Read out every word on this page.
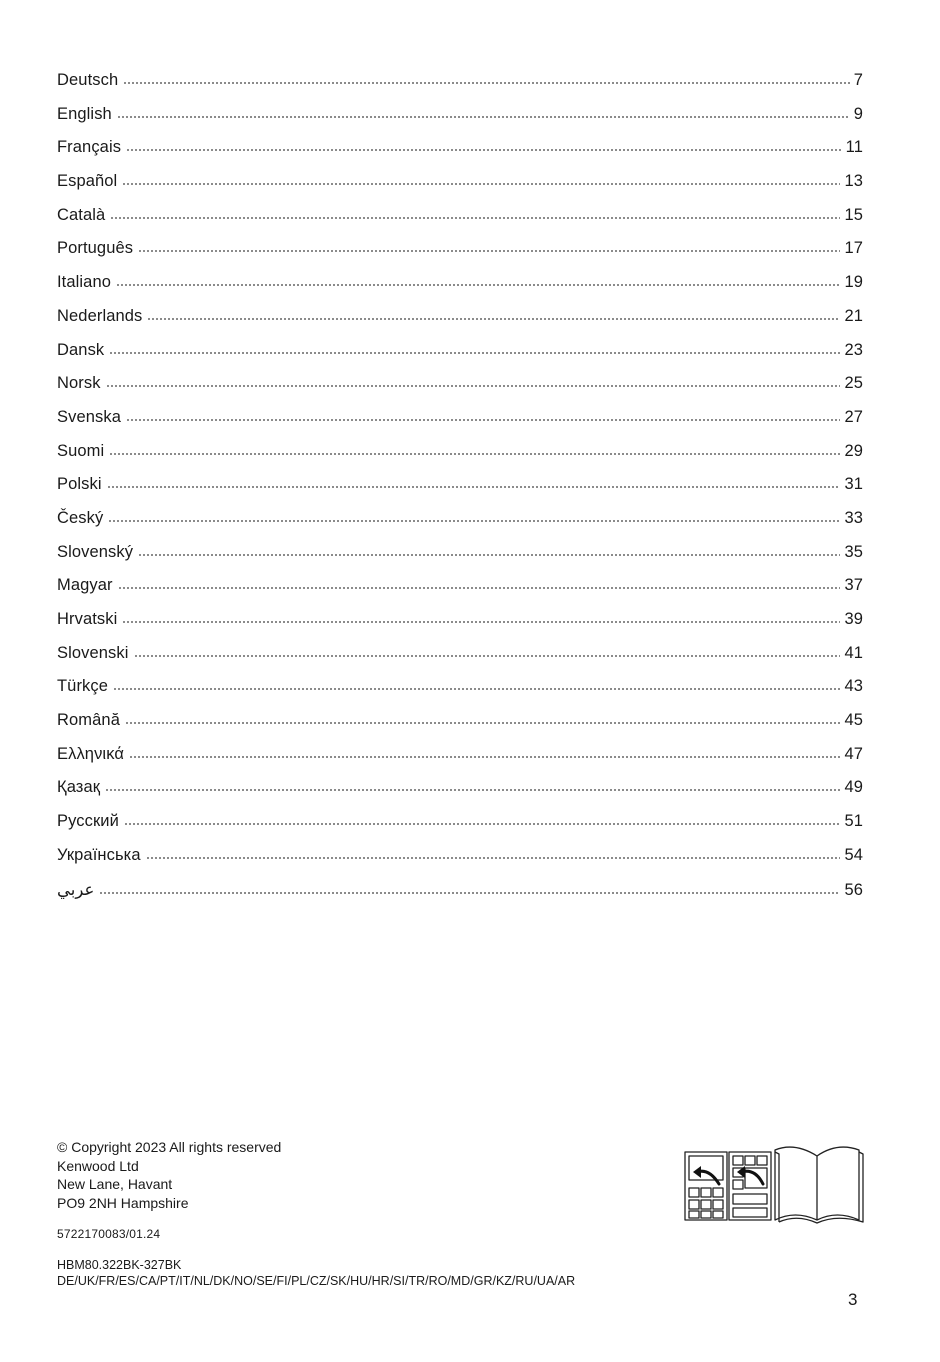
Deutsch	7
English	9
Français	11
Español	13
Català	15
Português	17
Italiano	19
Nederlands	21
Dansk	23
Norsk	25
Svenska	27
Suomi	29
Polski	31
Český	33
Slovenský	35
Magyar	37
Hrvatski	39
Slovenski	41
Türkçe	43
Română	45
Ελληνικά	47
Қазақ	49
Русский	51
Українська	54
عربي	56
© Copyright 2023 All rights reserved
Kenwood Ltd
New Lane, Havant
PO9 2NH Hampshire
5722170083/01.24
HBM80.322BK-327BK
DE/UK/FR/ES/CA/PT/IT/NL/DK/NO/SE/FI/PL/CZ/SK/HU/HR/SI/TR/RO/MD/GR/KZ/RU/UA/AR
3
